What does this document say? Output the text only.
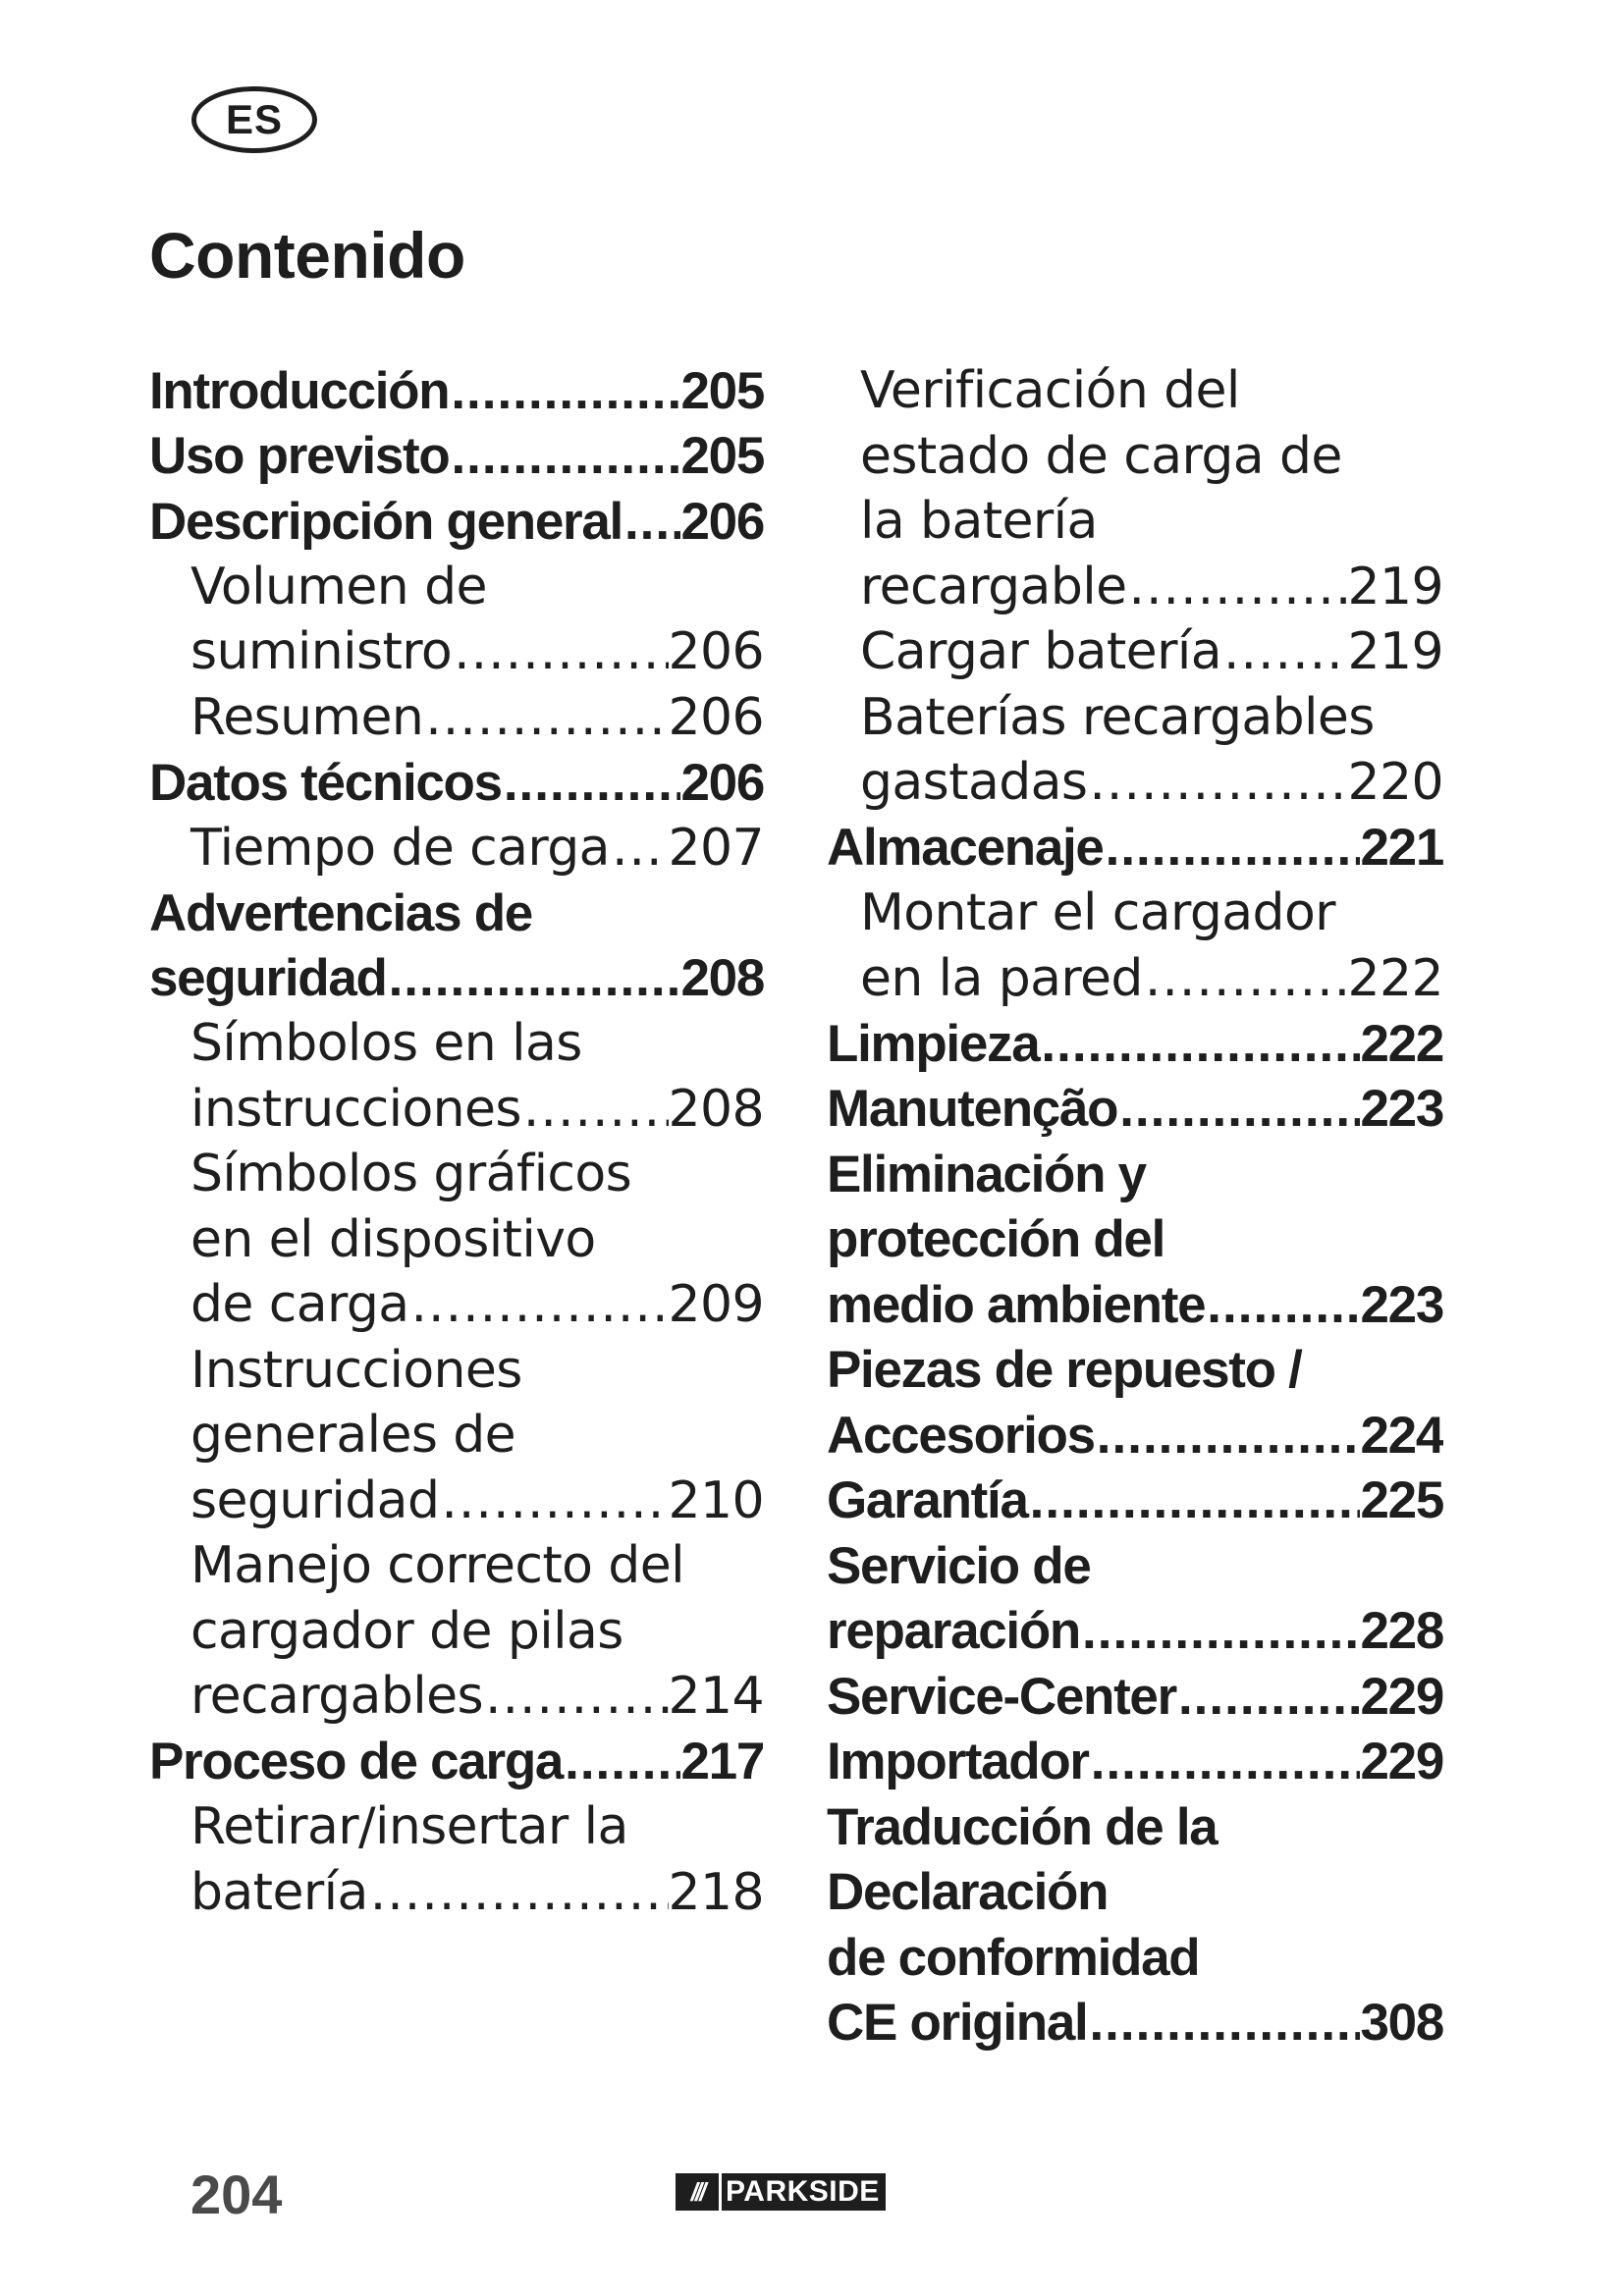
ES
Contenido
Introducción .....	205
Uso previsto .....	205
Descripción general ..... 206
Volumen de
suministro .....	206
Resumen .....	206
Datos técnicos .....	206
Tiempo de carga ..... 207
Advertencias de
seguridad .....	208
Símbolos en las
instrucciones .....	208
Símbolos gráficos
en el dispositivo
de carga .....	209
Instrucciones
generales de
seguridad .....	210
Manejo correcto del
cargador de pilas
recargables .....	214
Proceso de carga ..... 217
Retirar/insertar la
batería .....	218
Verificación del
estado de carga de
la batería
recargable .....	219
Cargar batería ..... 219
Baterías recargables
gastadas .....	220
Almacenaje .....	221
Montar el cargador
en la pared .....	222
Limpieza .....	222
Manutenção .....	223
Eliminación y
protección del
medio ambiente .....	223
Piezas de repuesto /
Accesorios .....	224
Garantía .....	225
Servicio de
reparación .....	228
Service-Center .....	229
Importador .....	229
Traducción de la
Declaración
de conformidad
CE original .....	308

204	/// PARKSIDE
